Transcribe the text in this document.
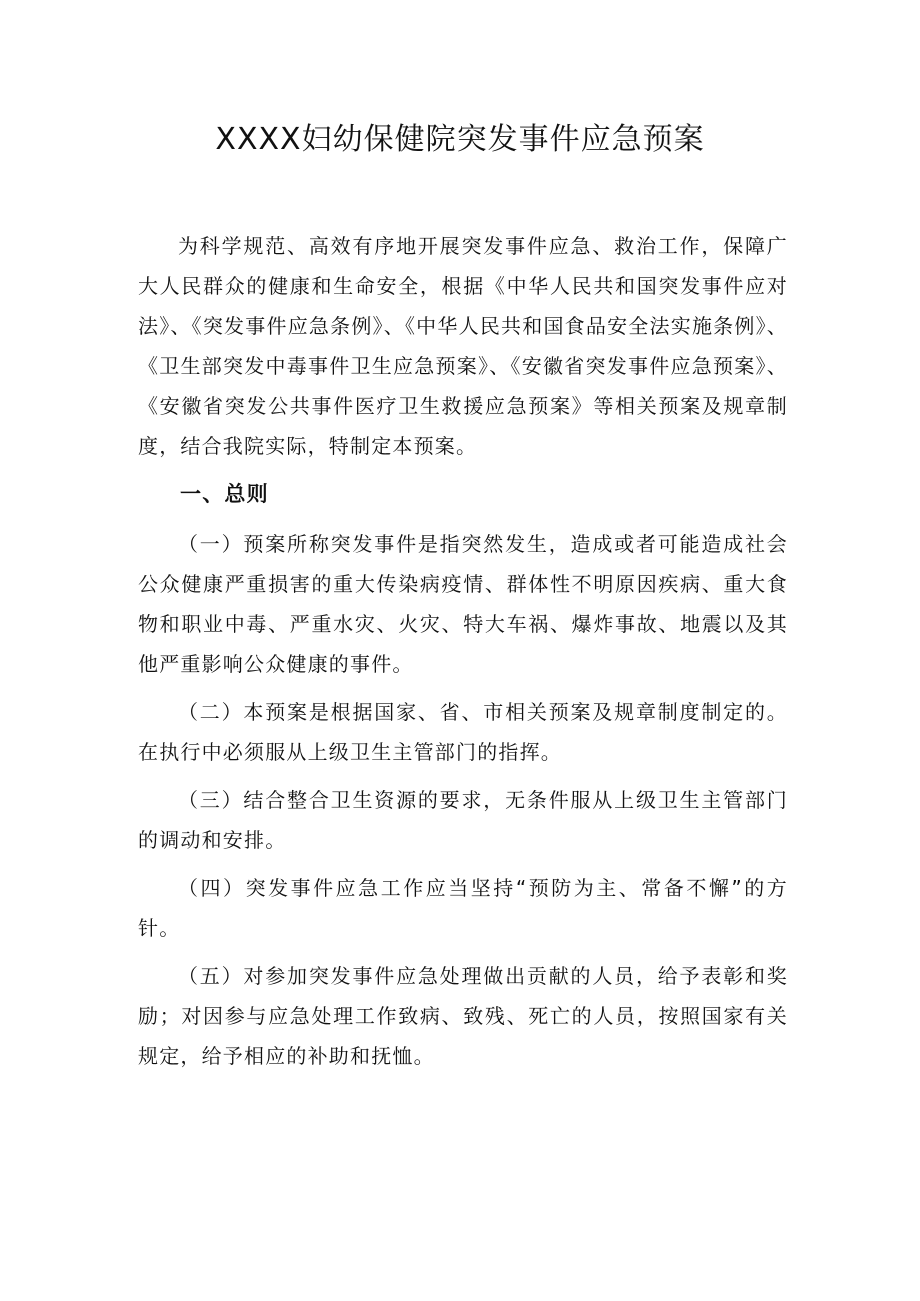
XXXX妇幼保健院突发事件应急预案

为科学规范、高效有序地开展突发事件应急、救治工作，保障广大人民群众的健康和生命安全，根据《中华人民共和国突发事件应对法》、《突发事件应急条例》、《中华人民共和国食品安全法实施条例》、《卫生部突发中毒事件卫生应急预案》、《安徽省突发事件应急预案》、《安徽省突发公共事件医疗卫生救援应急预案》等相关预案及规章制度，结合我院实际，特制定本预案。

一、总则

（一）预案所称突发事件是指突然发生，造成或者可能造成社会公众健康严重损害的重大传染病疫情、群体性不明原因疾病、重大食物和职业中毒、严重水灾、火灾、特大车祸、爆炸事故、地震以及其他严重影响公众健康的事件。

（二）本预案是根据国家、省、市相关预案及规章制度制定的。在执行中必须服从上级卫生主管部门的指挥。

（三）结合整合卫生资源的要求，无条件服从上级卫生主管部门的调动和安排。

（四）突发事件应急工作应当坚持“预防为主、常备不懈”的方针。

（五）对参加突发事件应急处理做出贡献的人员，给予表彰和奖励；对因参与应急处理工作致病、致残、死亡的人员，按照国家有关规定，给予相应的补助和抚恤。
